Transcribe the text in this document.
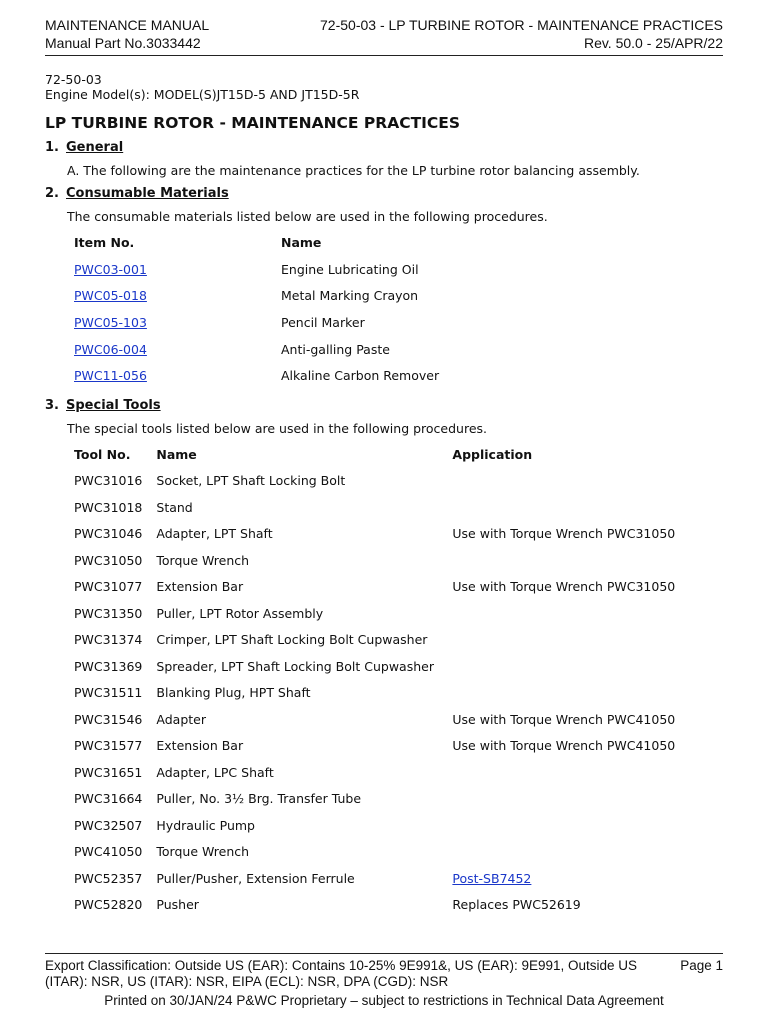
MAINTENANCE MANUAL	72-50-03 - LP TURBINE ROTOR - MAINTENANCE PRACTICES
Manual Part No.3033442	Rev. 50.0 - 25/APR/22
72-50-03
Engine Model(s): MODEL(S)JT15D-5 AND JT15D-5R
LP TURBINE ROTOR - MAINTENANCE PRACTICES
1. General
A. The following are the maintenance practices for the LP turbine rotor balancing assembly.
2. Consumable Materials
The consumable materials listed below are used in the following procedures.
Item No.	Name
PWC03-001	Engine Lubricating Oil
PWC05-018	Metal Marking Crayon
PWC05-103	Pencil Marker
PWC06-004	Anti-galling Paste
PWC11-056	Alkaline Carbon Remover
3. Special Tools
The special tools listed below are used in the following procedures.
Tool No.	Name	Application
PWC31016	Socket, LPT Shaft Locking Bolt	
PWC31018	Stand	
PWC31046	Adapter, LPT Shaft	Use with Torque Wrench PWC31050
PWC31050	Torque Wrench	
PWC31077	Extension Bar	Use with Torque Wrench PWC31050
PWC31350	Puller, LPT Rotor Assembly	
PWC31374	Crimper, LPT Shaft Locking Bolt Cupwasher	
PWC31369	Spreader, LPT Shaft Locking Bolt Cupwasher	
PWC31511	Blanking Plug, HPT Shaft	
PWC31546	Adapter	Use with Torque Wrench PWC41050
PWC31577	Extension Bar	Use with Torque Wrench PWC41050
PWC31651	Adapter, LPC Shaft	
PWC31664	Puller, No. 3½ Brg. Transfer Tube	
PWC32507	Hydraulic Pump	
PWC41050	Torque Wrench	
PWC52357	Puller/Pusher, Extension Ferrule	Post-SB7452
PWC52820	Pusher	Replaces PWC52619
Export Classification: Outside US (EAR): Contains 10-25% 9E991&, US (EAR): 9E991, Outside US (ITAR): NSR, US (ITAR): NSR, EIPA (ECL): NSR, DPA (CGD): NSR
Page 1
Printed on 30/JAN/24 P&WC Proprietary – subject to restrictions in Technical Data Agreement
